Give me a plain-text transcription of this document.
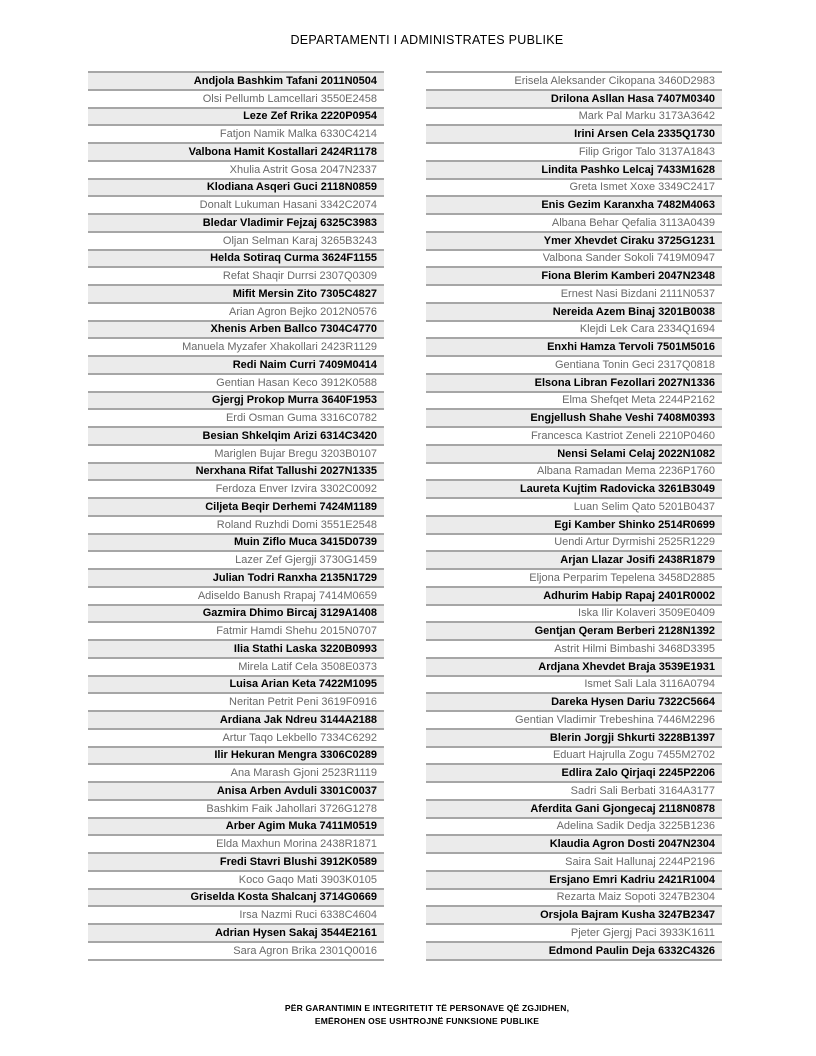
DEPARTAMENTI I ADMINISTRATES PUBLIKE
Andjola Bashkim Tafani 2011N0504
Olsi Pellumb Lamcellari 3550E2458
Leze Zef Rrika 2220P0954
Fatjon Namik Malka 6330C4214
Valbona Hamit Kostallari 2424R1178
Xhulia Astrit Gosa 2047N2337
Klodiana Asqeri Guci 2118N0859
Donalt Lukuman Hasani 3342C2074
Bledar Vladimir Fejzaj 6325C3983
Oljan Selman Karaj 3265B3243
Helda Sotiraq Curma 3624F1155
Refat Shaqir Durrsi 2307Q0309
Mifit Mersin Zito 7305C4827
Arian Agron Bejko 2012N0576
Xhenis Arben Ballco 7304C4770
Manuela Myzafer Xhakollari 2423R1129
Redi Naim Curri 7409M0414
Gentian Hasan Keco 3912K0588
Gjergj Prokop Murra 3640F1953
Erdi Osman Guma 3316C0782
Besian Shkelqim Arizi 6314C3420
Mariglen Bujar Bregu 3203B0107
Nerxhana Rifat Tallushi 2027N1335
Ferdoza Enver Izvira 3302C0092
Ciljeta Beqir Derhemi 7424M1189
Roland Ruzhdi Domi 3551E2548
Muin Ziflo Muca 3415D0739
Lazer Zef Gjergji 3730G1459
Julian Todri Ranxha 2135N1729
Adiseldo Banush Rrapaj 7414M0659
Gazmira Dhimo Bircaj 3129A1408
Fatmir Hamdi Shehu 2015N0707
Ilia Stathi Laska 3220B0993
Mirela Latif Cela 3508E0373
Luisa Arian Keta 7422M1095
Neritan Petrit Peni 3619F0916
Ardiana Jak Ndreu 3144A2188
Artur Taqo Lekbello 7334C6292
Ilir Hekuran Mengra 3306C0289
Ana Marash Gjoni 2523R1119
Anisa Arben Avduli 3301C0037
Bashkim Faik Jahollari 3726G1278
Arber Agim Muka 7411M0519
Elda Maxhun Morina 2438R1871
Fredi Stavri Blushi 3912K0589
Koco Gaqo Mati 3903K0105
Griselda Kosta Shalcanj 3714G0669
Irsa Nazmi Ruci 6338C4604
Adrian Hysen Sakaj 3544E2161
Sara Agron Brika 2301Q0016
Erisela Aleksander Cikopana 3460D2983
Drilona Asllan Hasa 7407M0340
Mark Pal Marku 3173A3642
Irini Arsen Cela 2335Q1730
Filip Grigor Talo 3137A1843
Lindita Pashko Lelcaj 7433M1628
Greta Ismet Xoxe 3349C2417
Enis Gezim Karanxha 7482M4063
Albana Behar Qefalia 3113A0439
Ymer Xhevdet Ciraku 3725G1231
Valbona Sander Sokoli 7419M0947
Fiona Blerim Kamberi 2047N2348
Ernest Nasi Bizdani 2111N0537
Nereida Azem Binaj 3201B0038
Klejdi Lek Cara 2334Q1694
Enxhi Hamza Tervoli 7501M5016
Gentiana Tonin Geci 2317Q0818
Elsona Libran Fezollari 2027N1336
Elma Shefqet Meta 2244P2162
Engjellush Shahe Veshi 7408M0393
Francesca Kastriot Zeneli 2210P0460
Nensi Selami Celaj 2022N1082
Albana Ramadan Mema 2236P1760
Laureta Kujtim Radovicka 3261B3049
Luan Selim Qato 5201B0437
Egi Kamber Shinko 2514R0699
Uendi Artur Dyrmishi 2525R1229
Arjan Llazar Josifi 2438R1879
Eljona Perparim Tepelena 3458D2885
Adhurim Habip Rapaj 2401R0002
Iska Ilir Kolaveri 3509E0409
Gentjan Qeram Berberi 2128N1392
Astrit Hilmi Bimbashi 3468D3395
Ardjana Xhevdet Braja 3539E1931
Ismet Sali Lala 3116A0794
Dareka Hysen Dariu 7322C5664
Gentian Vladimir Trebeshina 7446M2296
Blerin Jorgji Shkurti 3228B1397
Eduart Hajrulla Zogu 7455M2702
Edlira Zalo Qirjaqi 2245P2206
Sadri Sali Berbati 3164A3177
Aferdita Gani Gjongecaj 2118N0878
Adelina Sadik Dedja 3225B1236
Klaudia Agron Dosti 2047N2304
Saira Sait Hallunaj 2244P2196
Ersjano Emri Kadriu 2421R1004
Rezarta Maiz Sopoti 3247B2304
Orsjola Bajram Kusha 3247B2347
Pjeter Gjergj Paci 3933K1611
Edmond Paulin Deja 6332C4326
PËR GARANTIMIN E INTEGRITETIT TË PERSONAVE QË ZGJIDHEN,
EMËROHEN OSE USHTROJNË FUNKSIONE PUBLIKE
